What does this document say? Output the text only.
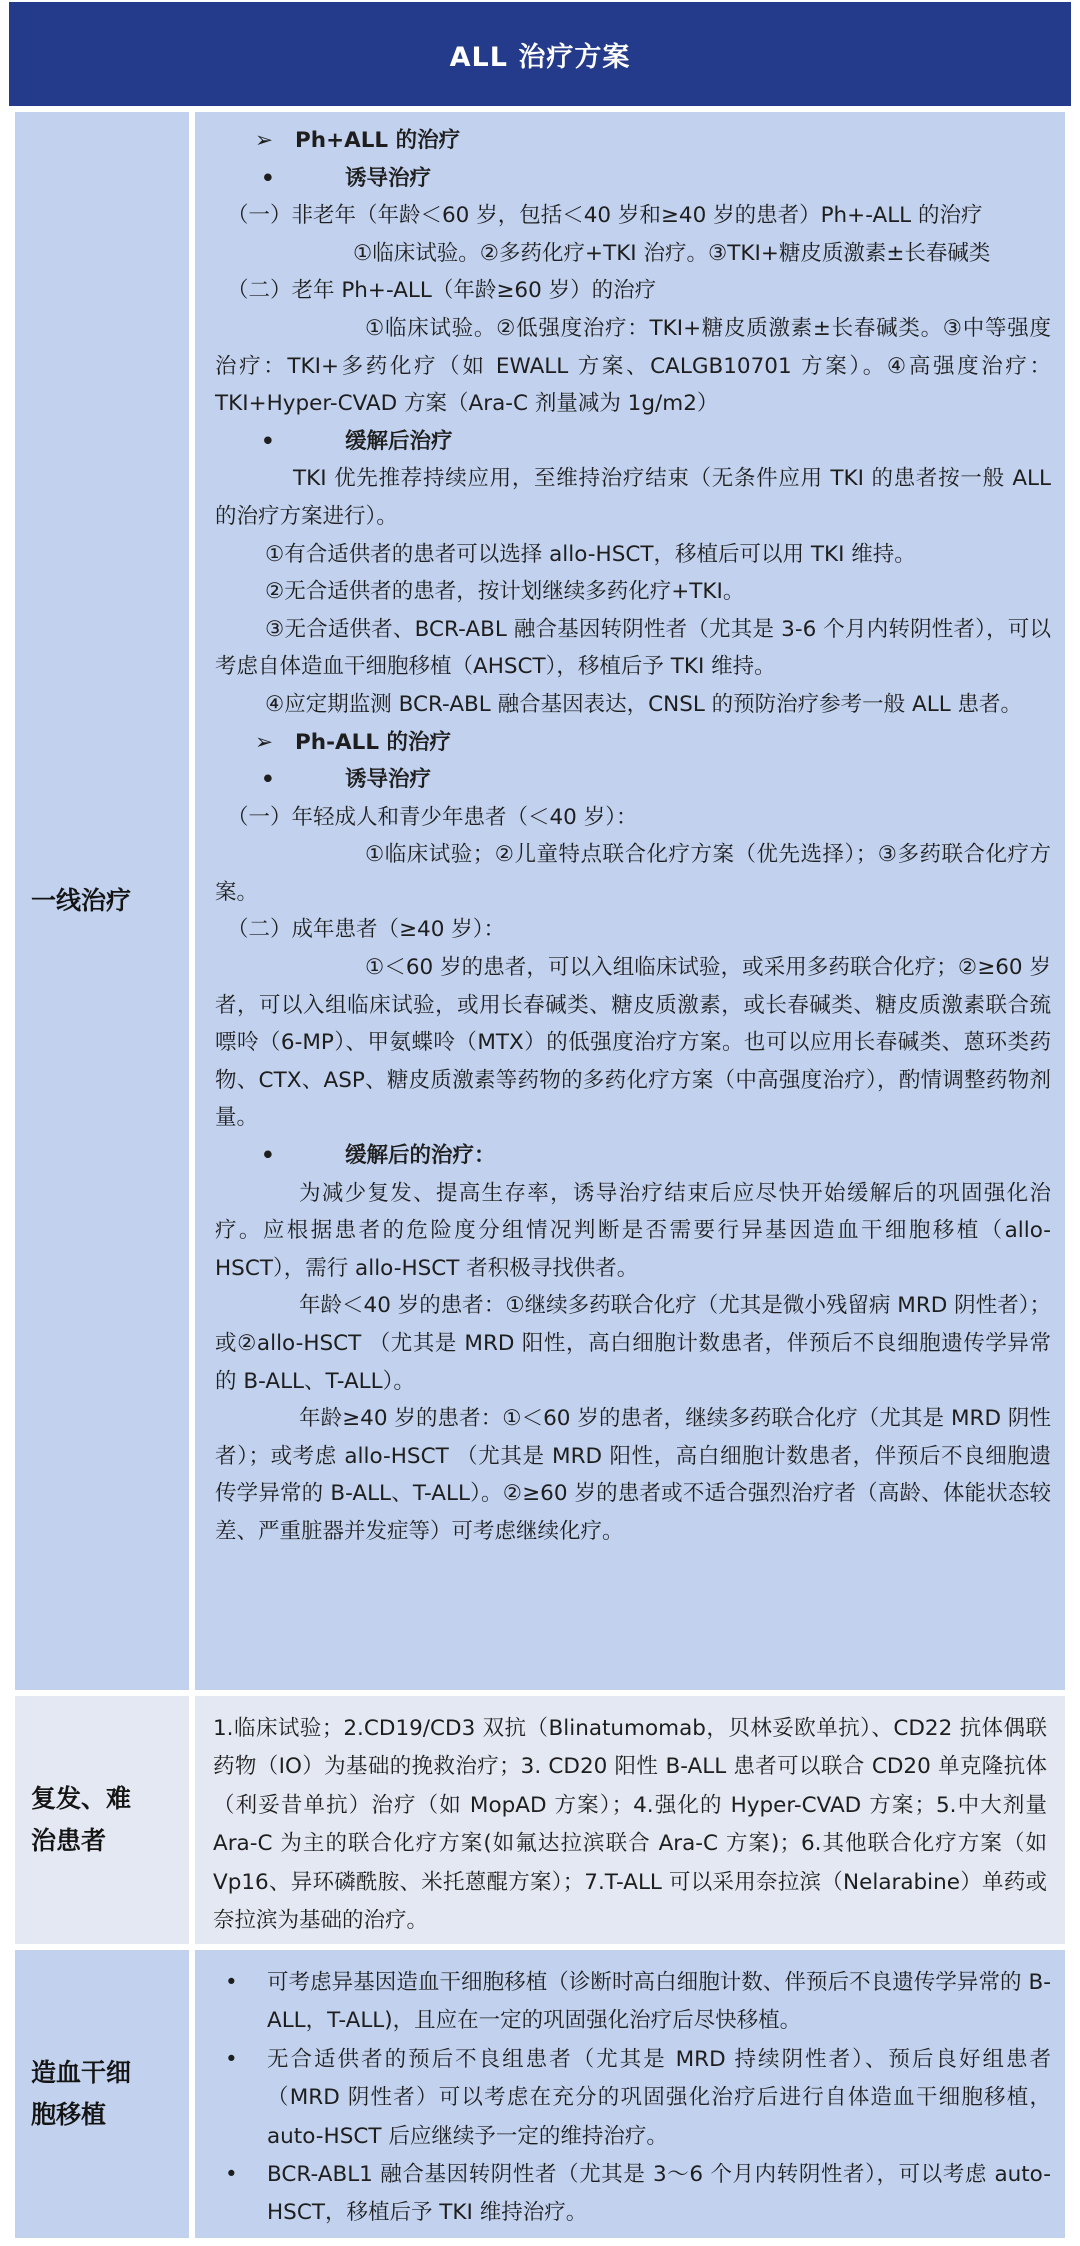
ALL 治疗方案
一线治疗

➢ Ph+ALL 的治疗

•	诱导治疗

（一）非老年（年龄＜60 岁，包括＜40 岁和≥40 岁的患者）Ph+-ALL 的治疗

①临床试验。②多药化疗+TKI 治疗。③TKI+糖皮质激素±长春碱类

（二）老年 Ph+-ALL（年龄≥60 岁）的治疗

①临床试验。②低强度治疗：TKI+糖皮质激素±长春碱类。③中等强度治疗：TKI+多药化疗（如 EWALL 方案、CALGB10701 方案）。④高强度治疗：TKI+Hyper-CVAD 方案（Ara-C 剂量减为 1g/m2）

•	缓解后治疗

TKI 优先推荐持续应用，至维持治疗结束（无条件应用 TKI 的患者按一般 ALL 的治疗方案进行）。

①有合适供者的患者可以选择 allo-HSCT，移植后可以用 TKI 维持。

②无合适供者的患者，按计划继续多药化疗+TKI。

③无合适供者、BCR-ABL 融合基因转阴性者（尤其是 3-6 个月内转阴性者），可以考虑自体造血干细胞移植（AHSCT），移植后予 TKI 维持。

④应定期监测 BCR-ABL 融合基因表达，CNSL 的预防治疗参考一般 ALL 患者。

➢ Ph-ALL 的治疗

•	诱导治疗

（一）年轻成人和青少年患者（＜40 岁）：

①临床试验；②儿童特点联合化疗方案（优先选择）；③多药联合化疗方案。

（二）成年患者（≥40 岁）：

①＜60 岁的患者，可以入组临床试验，或采用多药联合化疗；②≥60 岁者，可以入组临床试验，或用长春碱类、糖皮质激素，或长春碱类、糖皮质激素联合巯嘌呤（6-MP）、甲氨蝶呤（MTX）的低强度治疗方案。也可以应用长春碱类、蒽环类药物、CTX、ASP、糖皮质激素等药物的多药化疗方案（中高强度治疗），酌情调整药物剂量。

•	缓解后的治疗：

为减少复发、提高生存率，诱导治疗结束后应尽快开始缓解后的巩固强化治疗。应根据患者的危险度分组情况判断是否需要行异基因造血干细胞移植（allo-HSCT），需行 allo-HSCT 者积极寻找供者。

年龄＜40 岁的患者：①继续多药联合化疗（尤其是微小残留病 MRD 阴性者）；或②allo-HSCT （尤其是 MRD 阳性，高白细胞计数患者，伴预后不良细胞遗传学异常的 B-ALL、T-ALL）。

年龄≥40 岁的患者：①＜60 岁的患者，继续多药联合化疗（尤其是 MRD 阴性者）；或考虑 allo-HSCT （尤其是 MRD 阳性，高白细胞计数患者，伴预后不良细胞遗传学异常的 B-ALL、T-ALL）。②≥60 岁的患者或不适合强烈治疗者（高龄、体能状态较差、严重脏器并发症等）可考虑继续化疗。

复发、难治患者

1.临床试验；2.CD19/CD3 双抗（Blinatumomab，贝林妥欧单抗）、CD22 抗体偶联药物（IO）为基础的挽救治疗；3. CD20 阳性 B-ALL 患者可以联合 CD20 单克隆抗体（利妥昔单抗）治疗（如 MopAD 方案）；4.强化的 Hyper-CVAD 方案；5.中大剂量 Ara-C 为主的联合化疗方案(如氟达拉滨联合 Ara-C 方案)；6.其他联合化疗方案（如 Vp16、异环磷酰胺、米托蒽醌方案）；7.T-ALL 可以采用奈拉滨（Nelarabine）单药或奈拉滨为基础的治疗。

造血干细胞移植
• 可考虑异基因造血干细胞移植（诊断时高白细胞计数、伴预后不良遗传学异常的 B-ALL，T-ALL)，且应在一定的巩固强化治疗后尽快移植。
• 无合适供者的预后不良组患者（尤其是 MRD 持续阴性者）、预后良好组患者（MRD 阴性者）可以考虑在充分的巩固强化治疗后进行自体造血干细胞移植，auto-HSCT 后应继续予一定的维持治疗。
• BCR-ABL1 融合基因转阴性者（尤其是 3～6 个月内转阴性者），可以考虑 auto-HSCT，移植后予 TKI 维持治疗。
